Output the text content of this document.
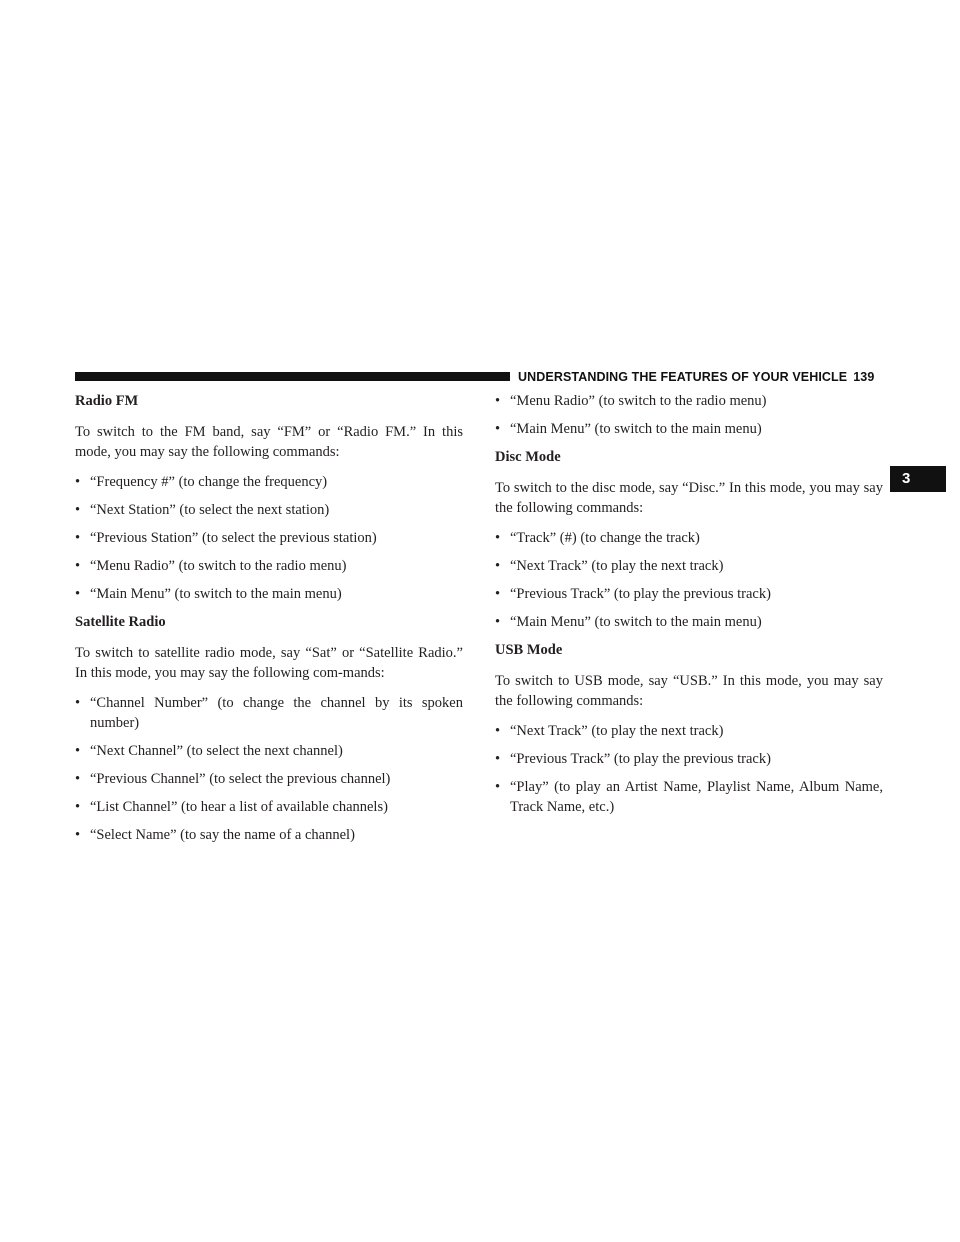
UNDERSTANDING THE FEATURES OF YOUR VEHICLE 139
3
Radio FM

To switch to the FM band, say “FM” or “Radio FM.” In this mode, you may say the following commands:

• “Frequency #” (to change the frequency)
• “Next Station” (to select the next station)
• “Previous Station” (to select the previous station)
• “Menu Radio” (to switch to the radio menu)
• “Main Menu” (to switch to the main menu)
Satellite Radio

To switch to satellite radio mode, say “Sat” or “Satellite Radio.” In this mode, you may say the following com-mands:

• “Channel Number” (to change the channel by its spoken number)
• “Next Channel” (to select the next channel)
• “Previous Channel” (to select the previous channel)
• “List Channel” (to hear a list of available channels)
• “Select Name” (to say the name of a channel)
• “Menu Radio” (to switch to the radio menu)
• “Main Menu” (to switch to the main menu)
Disc Mode

To switch to the disc mode, say “Disc.” In this mode, you may say the following commands:

• “Track” (#) (to change the track)
• “Next Track” (to play the next track)
• “Previous Track” (to play the previous track)
• “Main Menu” (to switch to the main menu)
USB Mode

To switch to USB mode, say “USB.” In this mode, you may say the following commands:

• “Next Track” (to play the next track)
• “Previous Track” (to play the previous track)
• “Play” (to play an Artist Name, Playlist Name, Album Name, Track Name, etc.)
